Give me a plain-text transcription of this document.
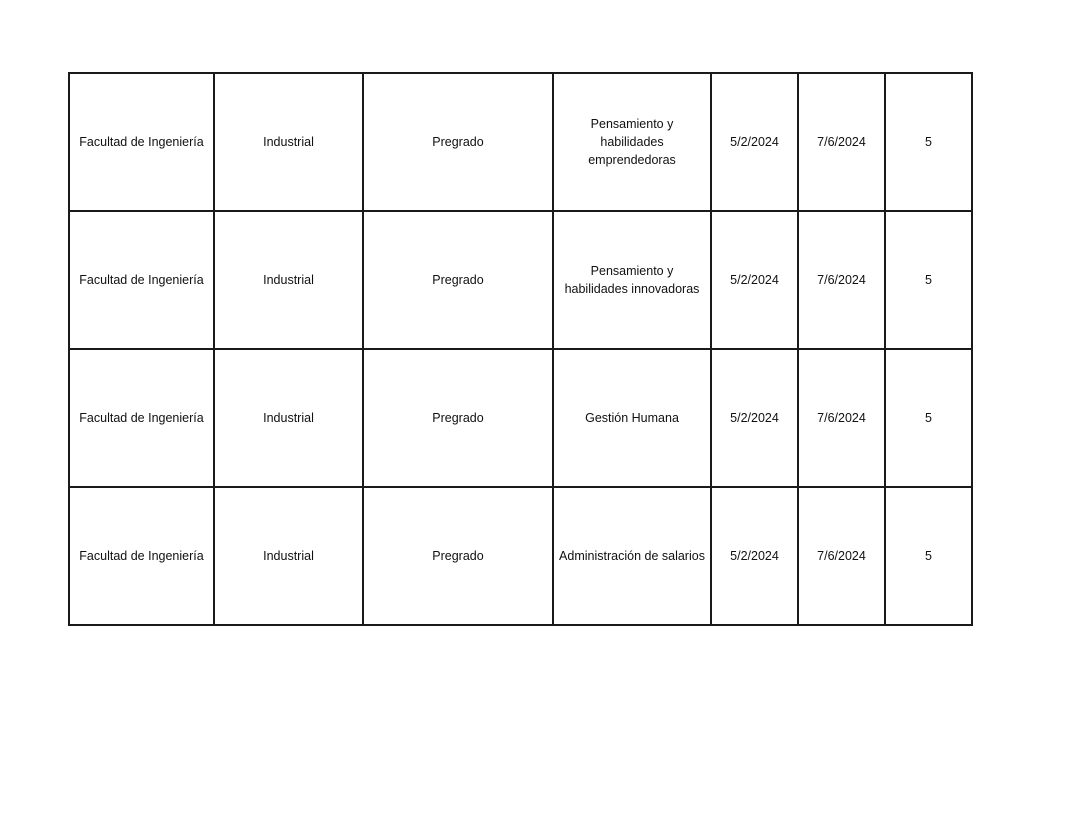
Facultad de Ingeniería	Industrial	Pregrado	Pensamiento y habilidades emprendedoras	5/2/2024	7/6/2024	5
Facultad de Ingeniería	Industrial	Pregrado	Pensamiento y habilidades innovadoras	5/2/2024	7/6/2024	5
Facultad de Ingeniería	Industrial	Pregrado	Gestión Humana	5/2/2024	7/6/2024	5
Facultad de Ingeniería	Industrial	Pregrado	Administración de salarios	5/2/2024	7/6/2024	5
